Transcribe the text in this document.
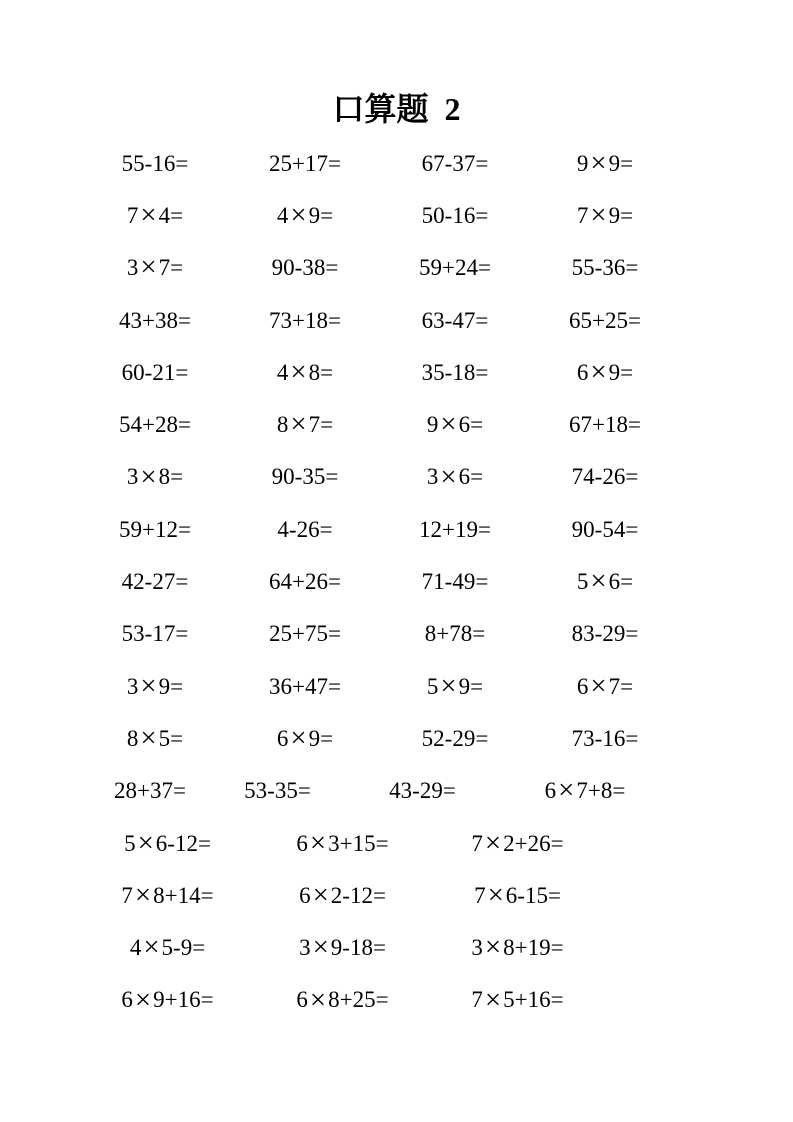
口算题  2
55-16=	25+17=	67-37=	9×9=
7×4=	4×9=	50-16=	7×9=
3×7=	90-38=	59+24=	55-36=
43+38=	73+18=	63-47=	65+25=
60-21=	4×8=	35-18=	6×9=
54+28=	8×7=	9×6=	67+18=
3×8=	90-35=	3×6=	74-26=
59+12=	4-26=	12+19=	90-54=
42-27=	64+26=	71-49=	5×6=
53-17=	25+75=	8+78=	83-29=
3×9=	36+47=	5×9=	6×7=
8×5=	6×9=	52-29=	73-16=
28+37=	53-35=	43-29=	6×7+8=
5×6-12=	6×3+15=	7×2+26=
7×8+14=	6×2-12=	7×6-15=
4×5-9=	3×9-18=	3×8+19=
6×9+16=	6×8+25=	7×5+16=
